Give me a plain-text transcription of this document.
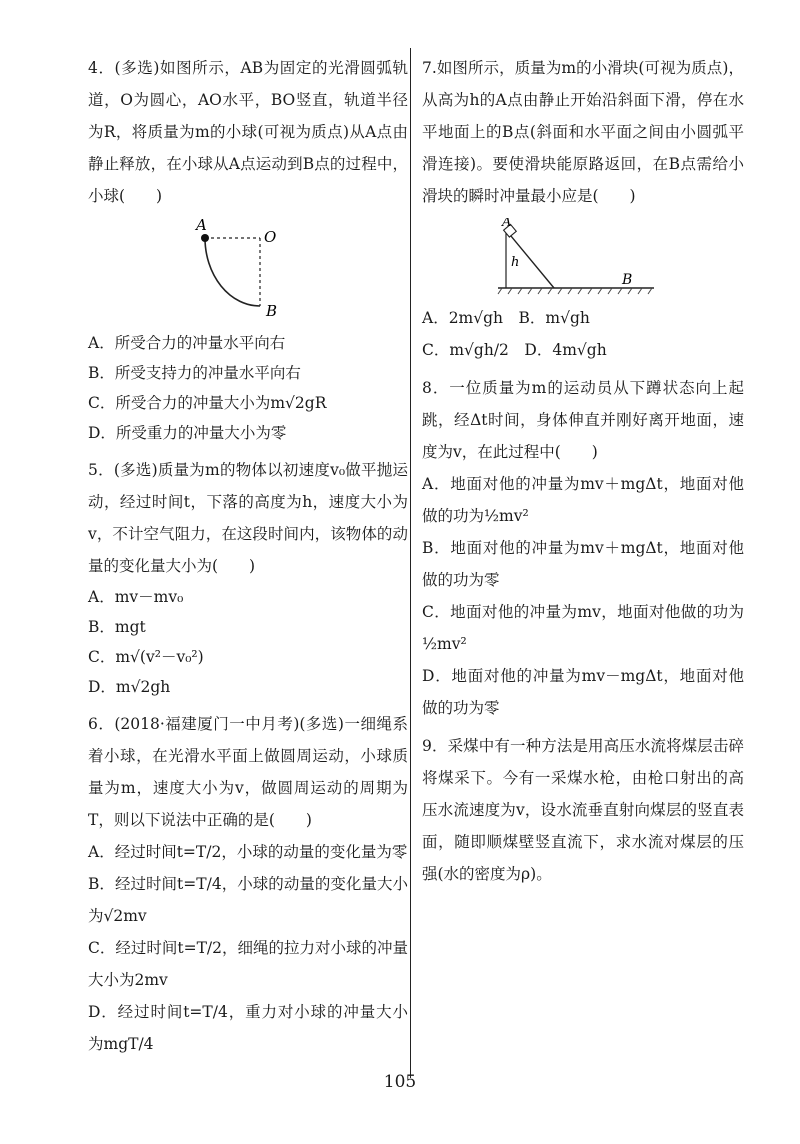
4．(多选)如图所示，AB为固定的光滑圆弧轨道，O为圆心，AO水平，BO竖直，轨道半径为R，将质量为m的小球(可视为质点)从A点由静止释放，在小球从A点运动到B点的过程中，小球(　　)

A
O
B

A．所受合力的冲量水平向右

B．所受支持力的冲量水平向右

C．所受合力的冲量大小为m√2gR

D．所受重力的冲量大小为零

5．(多选)质量为m的物体以初速度v₀做平抛运动，经过时间t，下落的高度为h，速度大小为v，不计空气阻力，在这段时间内，该物体的动量的变化量大小为(　　)

A．mv－mv₀

B．mgt

C．m√(v²－v₀²)

D．m√2gh

6．(2018·福建厦门一中月考)(多选)一细绳系着小球，在光滑水平面上做圆周运动，小球质量为m，速度大小为v，做圆周运动的周期为T，则以下说法中正确的是(　　)

A．经过时间t=T/2，小球的动量的变化量为零

B．经过时间t=T/4，小球的动量的变化量大小为√2mv

C．经过时间t=T/2，细绳的拉力对小球的冲量大小为2mv

D．经过时间t=T/4，重力对小球的冲量大小为mgT/4

7.如图所示，质量为m的小滑块(可视为质点)，从高为h的A点由静止开始沿斜面下滑，停在水平地面上的B点(斜面和水平面之间由小圆弧平滑连接)。要使滑块能原路返回，在B点需给小滑块的瞬时冲量最小应是(　　)

A
h
B

A．2m√gh　B．m√gh

C．m√gh/2　D．4m√gh

8．一位质量为m的运动员从下蹲状态向上起跳，经Δt时间，身体伸直并刚好离开地面，速度为v，在此过程中(　　)

A．地面对他的冲量为mv＋mgΔt，地面对他做的功为½mv²

B．地面对他的冲量为mv＋mgΔt，地面对他做的功为零

C．地面对他的冲量为mv，地面对他做的功为½mv²

D．地面对他的冲量为mv－mgΔt，地面对他做的功为零

9．采煤中有一种方法是用高压水流将煤层击碎将煤采下。今有一采煤水枪，由枪口射出的高压水流速度为v，设水流垂直射向煤层的竖直表面，随即顺煤壁竖直流下，求水流对煤层的压强(水的密度为ρ)。

105
